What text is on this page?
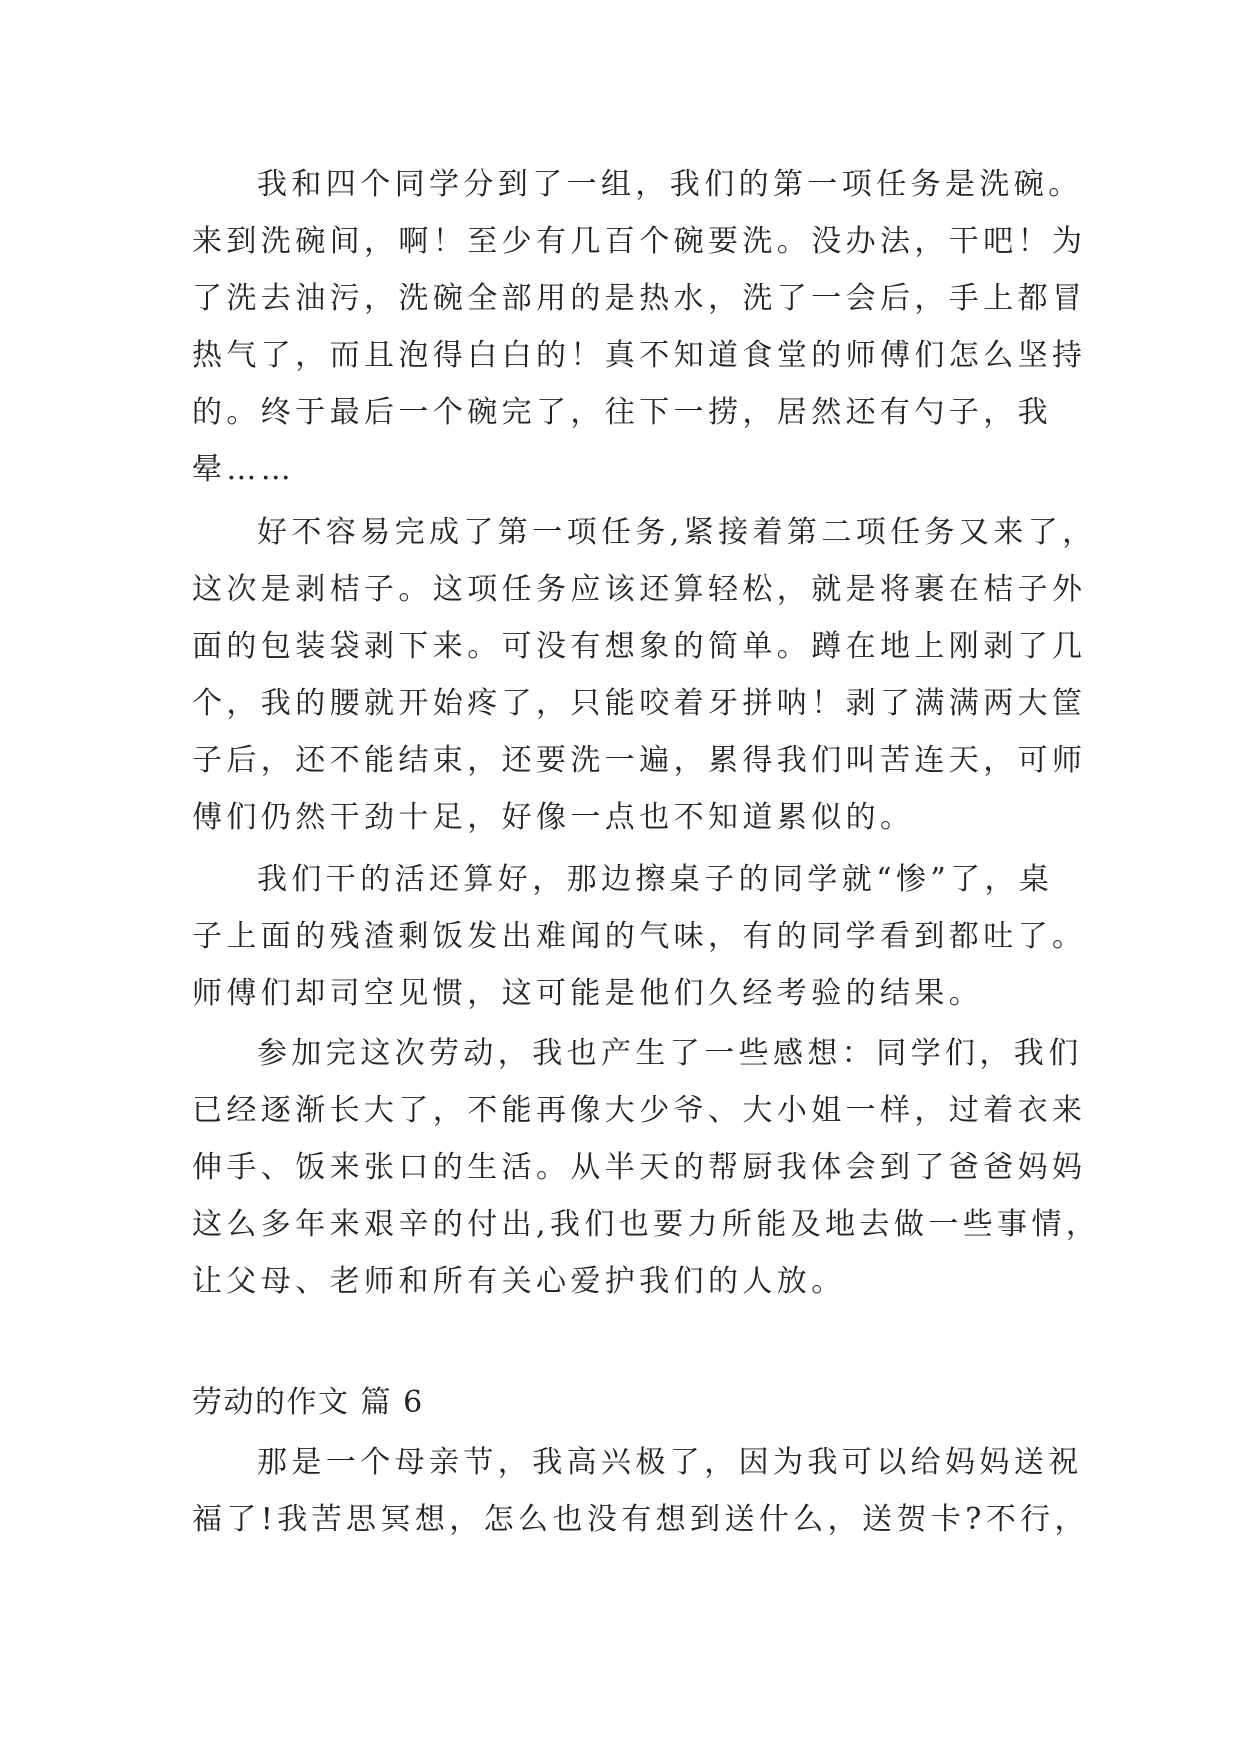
我和四个同学分到了一组，我们的第一项任务是洗碗。
来到洗碗间，啊！至少有几百个碗要洗。没办法，干吧！为
了洗去油污，洗碗全部用的是热水，洗了一会后，手上都冒
热气了，而且泡得白白的！真不知道食堂的师傅们怎么坚持
的。终于最后一个碗完了，往下一捞，居然还有勺子，我
晕……
好不容易完成了第一项任务,紧接着第二项任务又来了，
这次是剥桔子。这项任务应该还算轻松，就是将裹在桔子外
面的包装袋剥下来。可没有想象的简单。蹲在地上刚剥了几
个，我的腰就开始疼了，只能咬着牙拼呐！剥了满满两大筐
子后，还不能结束，还要洗一遍，累得我们叫苦连天，可师
傅们仍然干劲十足，好像一点也不知道累似的。
我们干的活还算好，那边擦桌子的同学就“惨”了，桌
子上面的残渣剩饭发出难闻的气味，有的同学看到都吐了。
师傅们却司空见惯，这可能是他们久经考验的结果。
参加完这次劳动，我也产生了一些感想：同学们，我们
已经逐渐长大了，不能再像大少爷、大小姐一样，过着衣来
伸手、饭来张口的生活。从半天的帮厨我体会到了爸爸妈妈
这么多年来艰辛的付出,我们也要力所能及地去做一些事情，
让父母、老师和所有关心爱护我们的人放。
劳动的作文 篇 6
那是一个母亲节，我高兴极了，因为我可以给妈妈送祝
福了!我苦思冥想，怎么也没有想到送什么，送贺卡?不行，
